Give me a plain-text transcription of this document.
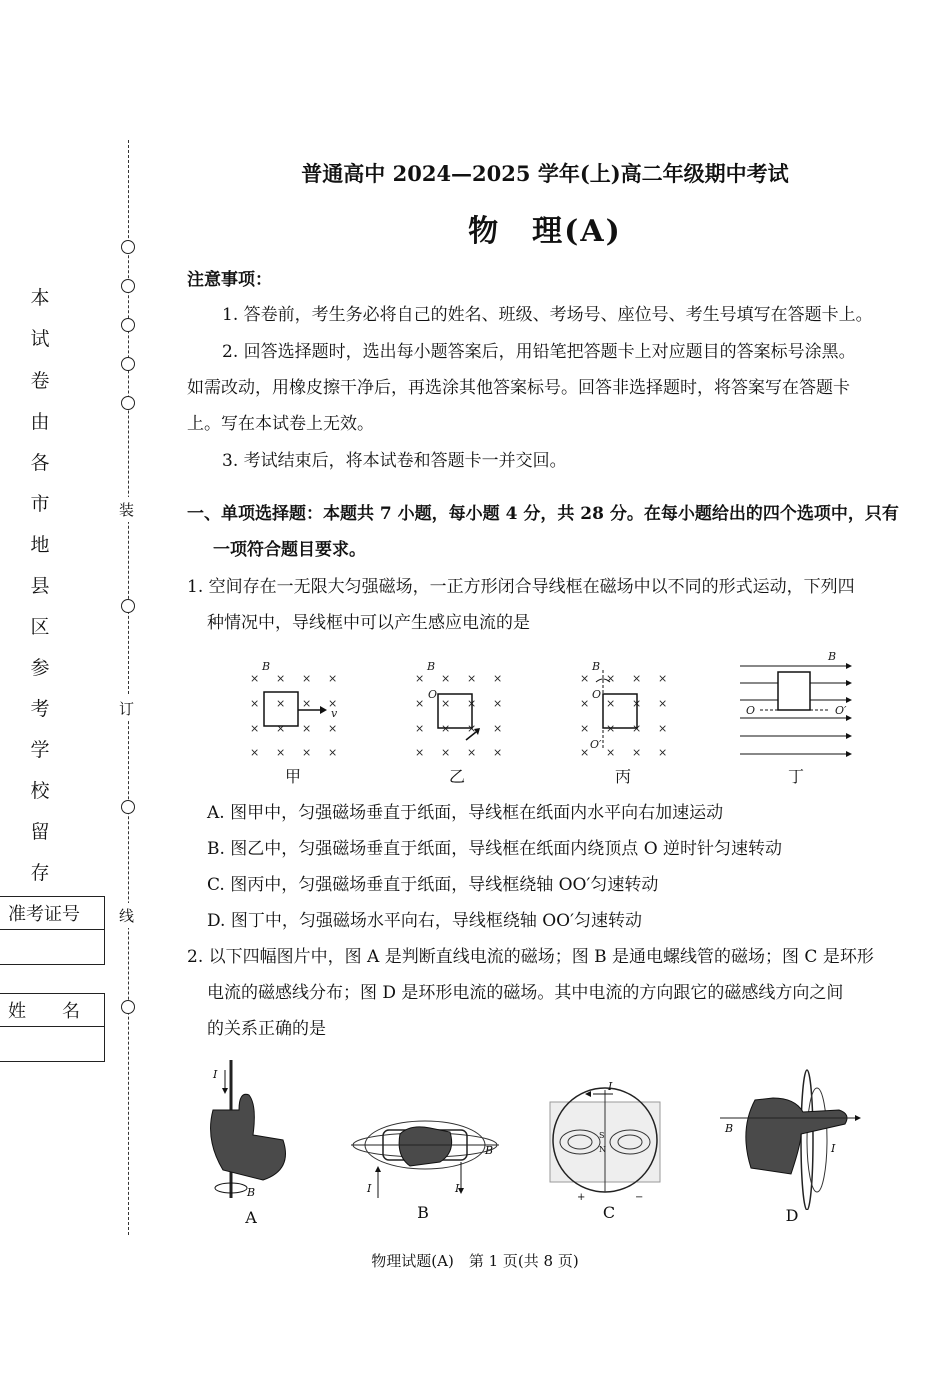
装
订
线
本
试
卷
由
各
市
地
县
区
参
考
学
校
留
存
准考证号
姓　　名
普通高中 2024—2025 学年(上)高二年级期中考试
物　理(A)
注意事项：
1. 答卷前，考生务必将自己的姓名、班级、考场号、座位号、考生号填写在答题卡上。
2. 回答选择题时，选出每小题答案后，用铅笔把答题卡上对应题目的答案标号涂黑。
如需改动，用橡皮擦干净后，再选涂其他答案标号。回答非选择题时，将答案写在答题卡
上。写在本试卷上无效。
3. 考试结束后，将本试卷和答题卡一并交回。
一、单项选择题：本题共 7 小题，每小题 4 分，共 28 分。在每小题给出的四个选项中，只有
一项符合题目要求。
1. 空间存在一无限大匀强磁场，一正方形闭合导线框在磁场中以不同的形式运动，下列四
种情况中，导线框中可以产生感应电流的是
B
× × × ×
× × × ×
× × × ×
× × × ×
v
B
× × × ×
× × × ×
× × × ×
× × × ×
O
B
× × × ×
× × × ×
× × × ×
× × × ×
O
O′
B
O	O′
甲	乙	丙	丁
A. 图甲中，匀强磁场垂直于纸面，导线框在纸面内水平向右加速运动
B. 图乙中，匀强磁场垂直于纸面，导线框在纸面内绕顶点 O 逆时针匀速转动
C. 图丙中，匀强磁场垂直于纸面，导线框绕轴 OO′匀速转动
D. 图丁中，匀强磁场水平向右，导线框绕轴 OO′匀速转动
2. 以下四幅图片中，图 A 是判断直线电流的磁场；图 B 是通电螺线管的磁场；图 C 是环形
电流的磁感线分布；图 D 是环形电流的磁场。其中电流的方向跟它的磁感线方向之间
的关系正确的是
I
B
B
I	I
S
N
I
+	−
B
I
A	B	C	D
物理试题(A)　第 1 页(共 8 页)
